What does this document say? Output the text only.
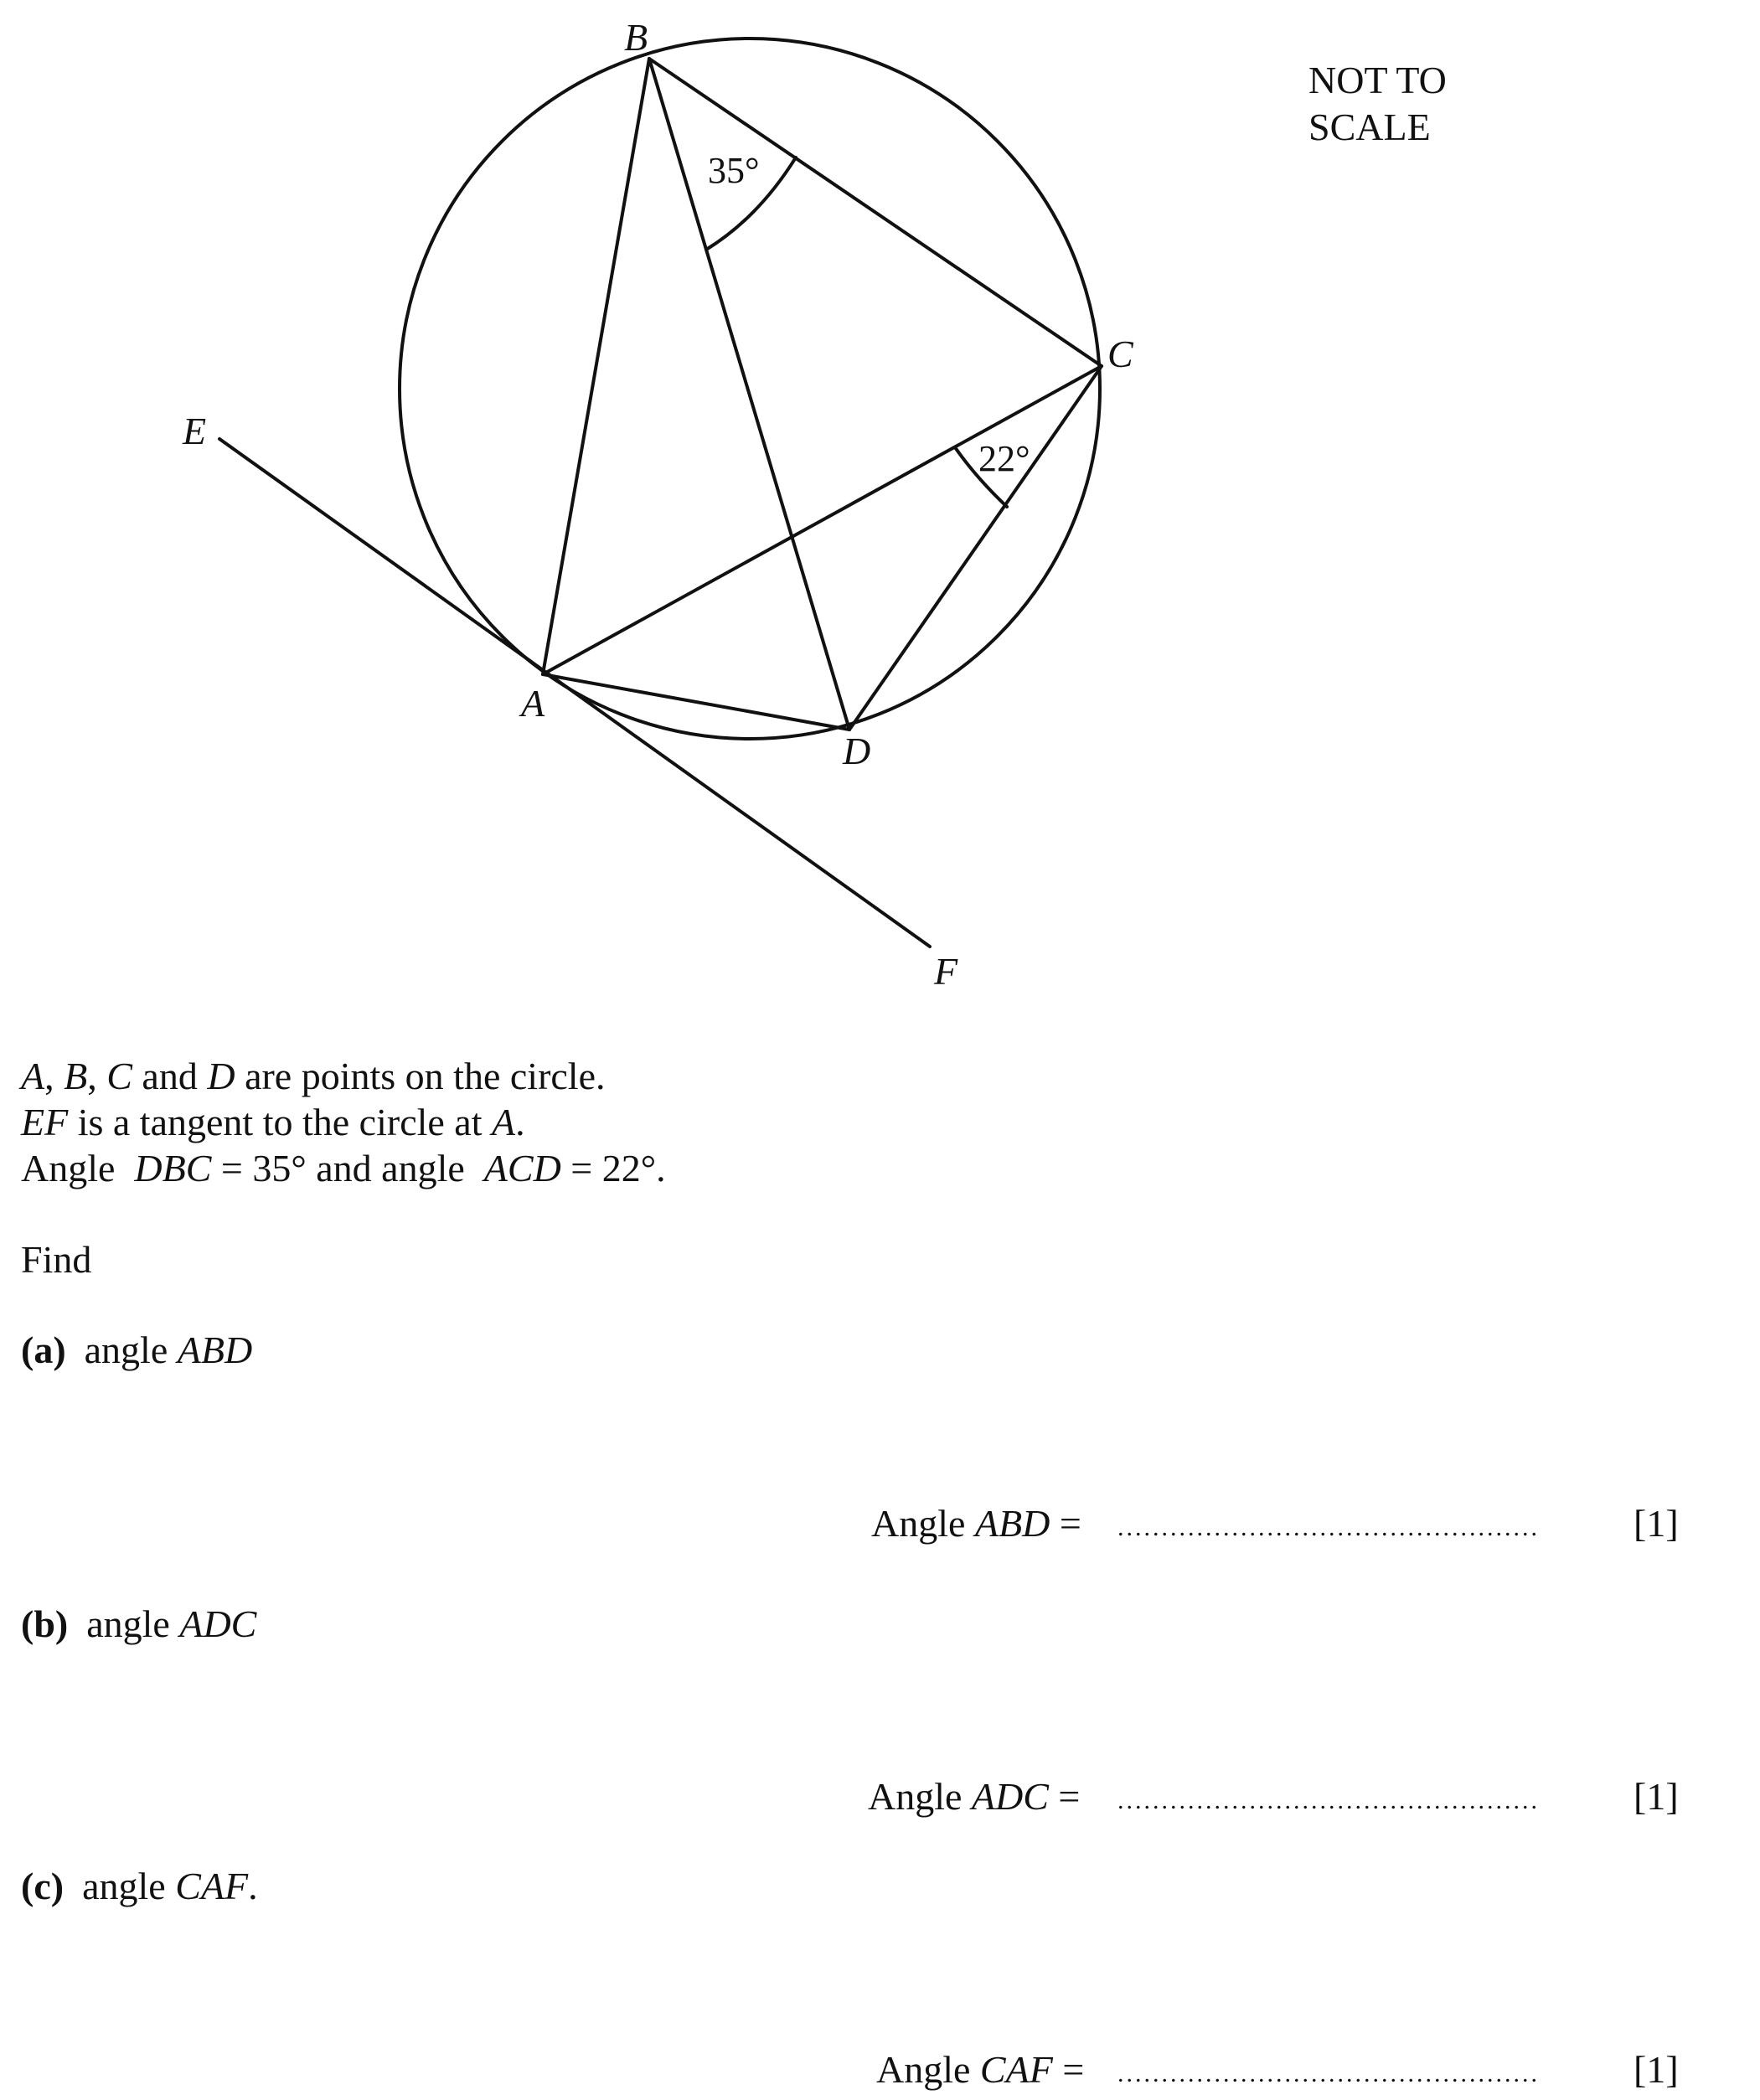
35°
22°
B
C
E
A
D
F
NOT TO
SCALE
A, B, C and D are points on the circle.
EF is a tangent to the circle at A.
Angle  DBC = 35° and angle  ACD = 22°.
Find
(a) angle ABD
Angle ABD = ................................................ [1]
(b) angle ADC
Angle ADC = ................................................ [1]
(c) angle CAF.
Angle CAF = ................................................ [1]
